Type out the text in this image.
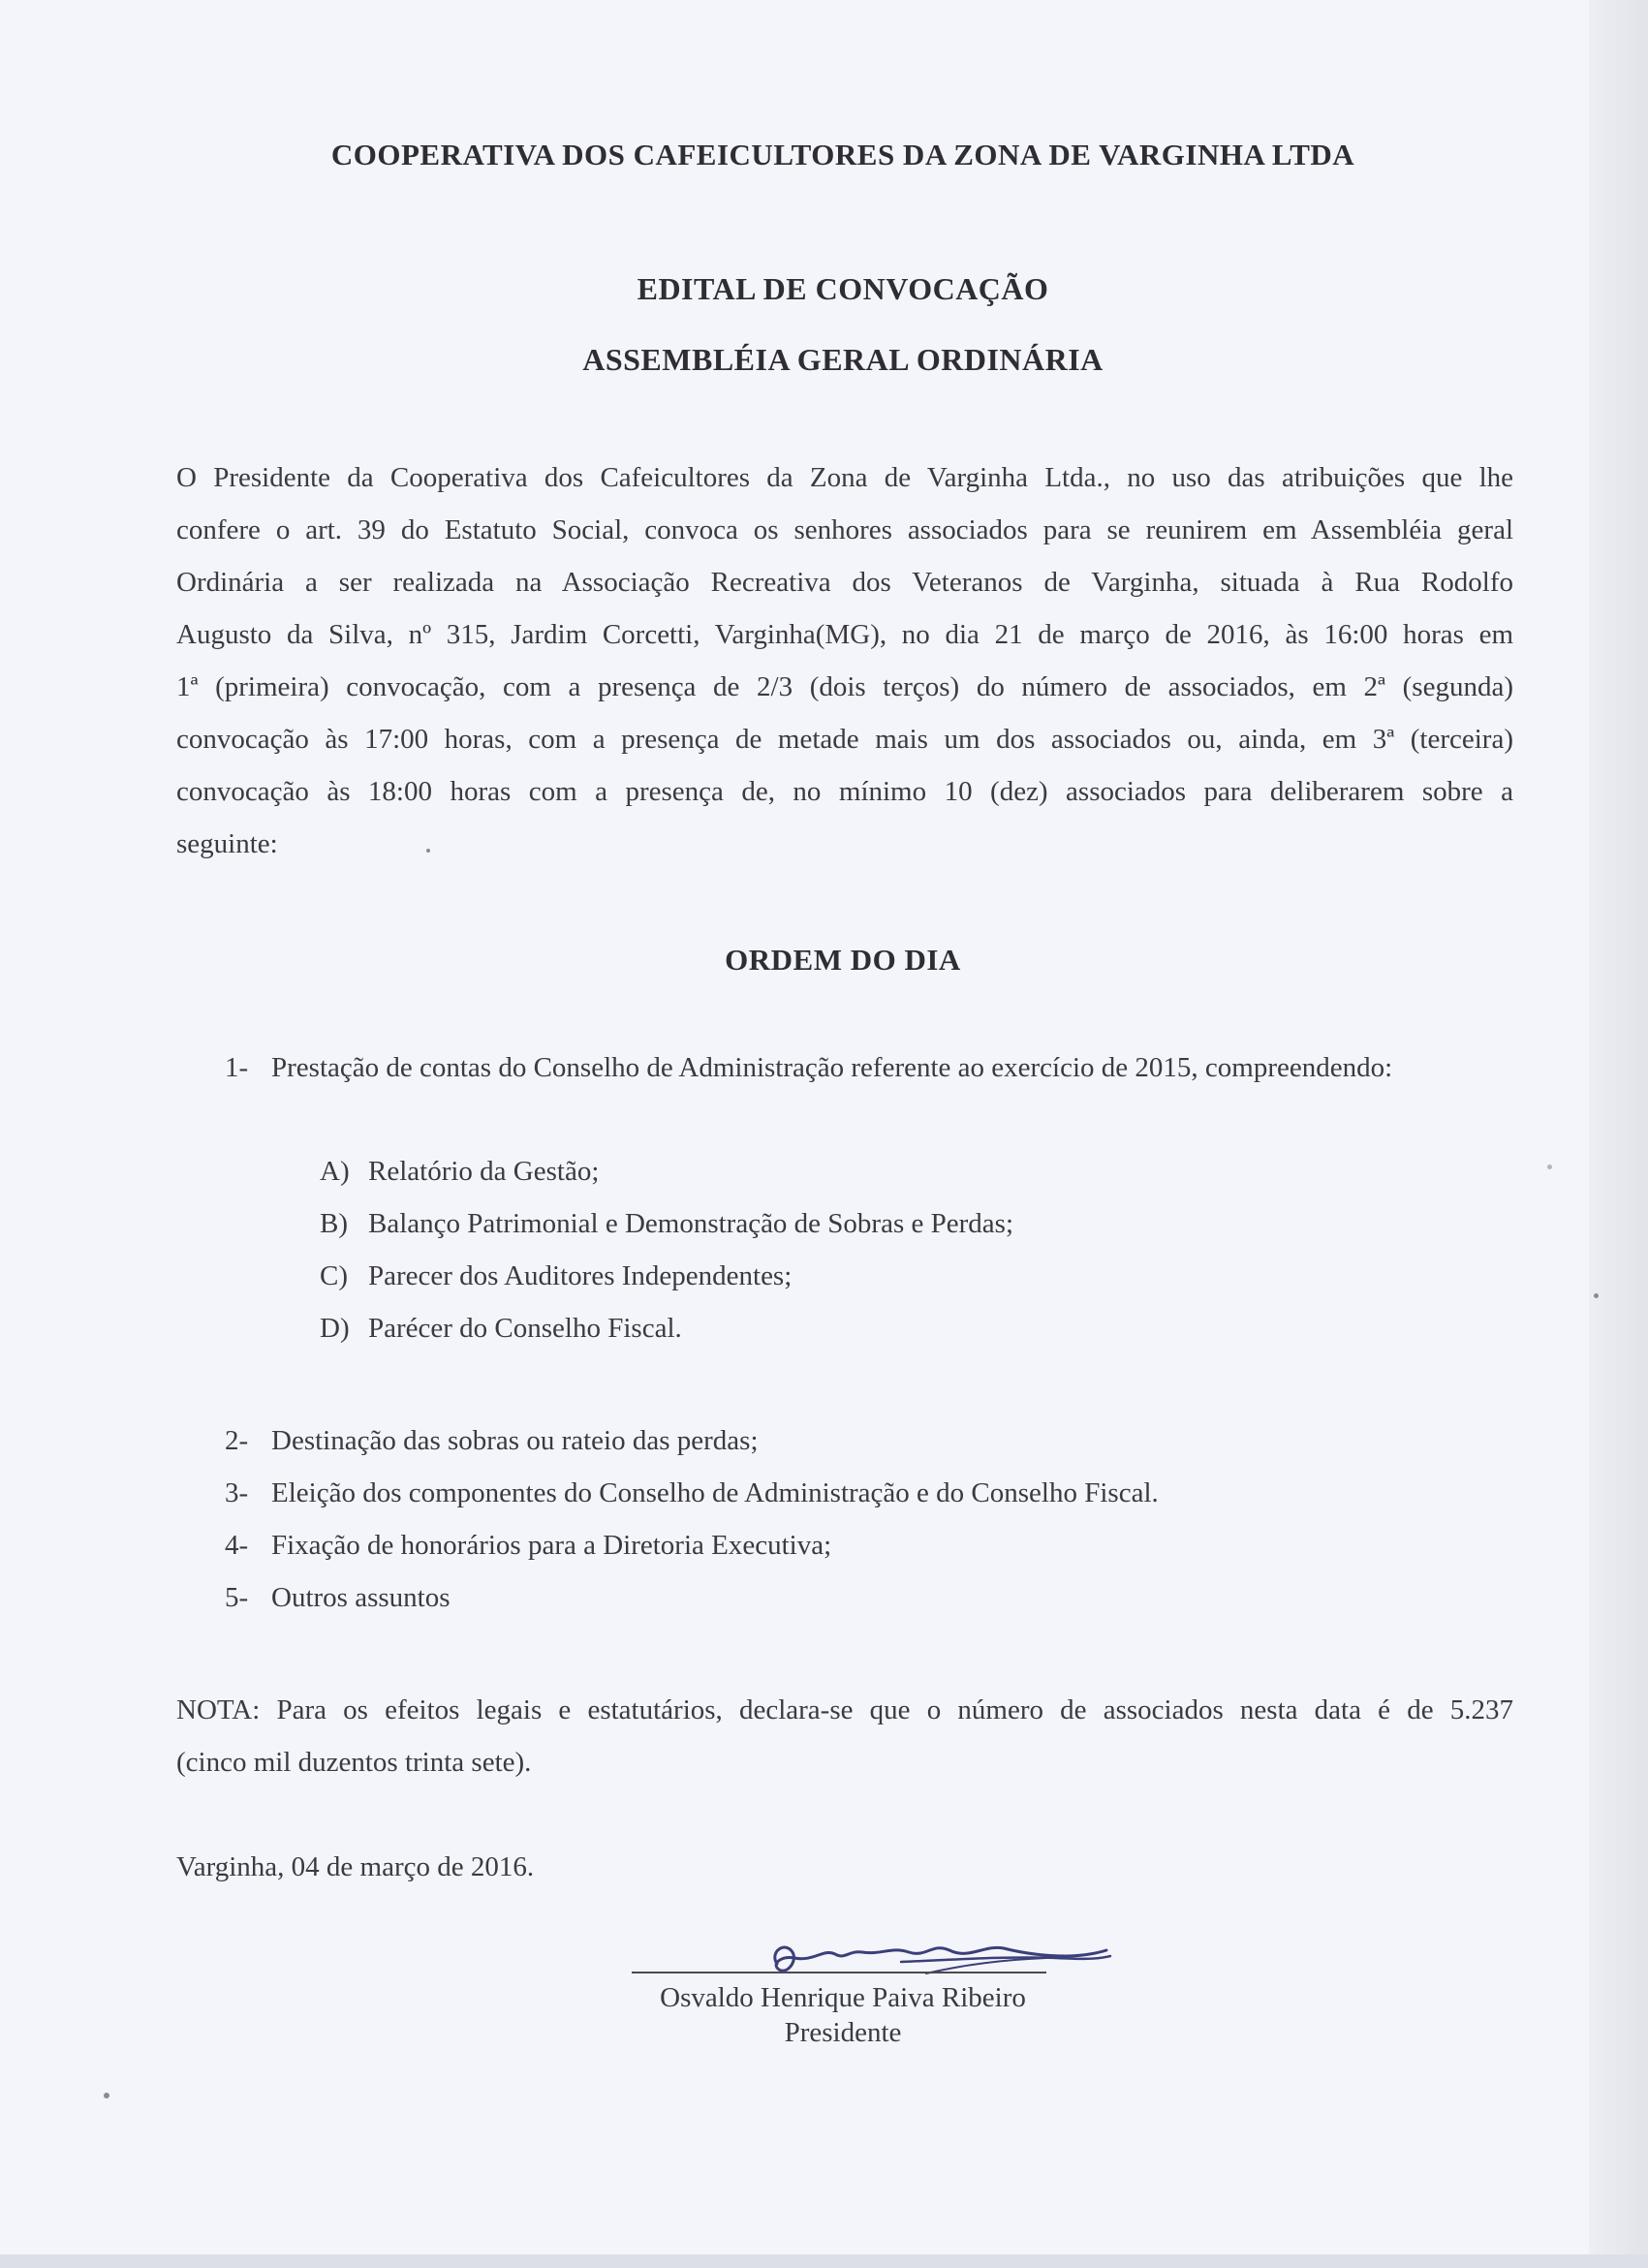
COOPERATIVA DOS CAFEICULTORES DA ZONA DE VARGINHA LTDA
EDITAL DE CONVOCAÇÃO
ASSEMBLÉIA GERAL ORDINÁRIA
O Presidente da Cooperativa dos Cafeicultores da Zona de Varginha Ltda., no uso das atribuições que lhe
confere o art. 39 do Estatuto Social, convoca os senhores associados para se reunirem em Assembléia geral
Ordinária a ser realizada na Associação Recreativa dos Veteranos de Varginha, situada à Rua Rodolfo
Augusto da Silva, nº 315, Jardim Corcetti, Varginha(MG), no dia 21 de março de 2016, às 16:00 horas em
1ª (primeira) convocação, com a presença de 2/3 (dois terços) do número de associados, em 2ª (segunda)
convocação às 17:00 horas, com a presença de metade mais um dos associados ou, ainda, em 3ª (terceira)
convocação às 18:00 horas com a presença de, no mínimo 10 (dez) associados para deliberarem sobre a
seguinte:
ORDEM DO DIA
1- Prestação de contas do Conselho de Administração referente ao exercício de 2015, compreendendo:
A) Relatório da Gestão;
B) Balanço Patrimonial e Demonstração de Sobras e Perdas;
C) Parecer dos Auditores Independentes;
D) Parécer do Conselho Fiscal.
2- Destinação das sobras ou rateio das perdas;
3- Eleição dos componentes do Conselho de Administração e do Conselho Fiscal.
4- Fixação de honorários para a Diretoria Executiva;
5- Outros assuntos
NOTA: Para os efeitos legais e estatutários, declara-se que o número de associados nesta data é de 5.237
(cinco mil duzentos trinta sete).
Varginha, 04 de março de 2016.
Osvaldo Henrique Paiva Ribeiro
Presidente
